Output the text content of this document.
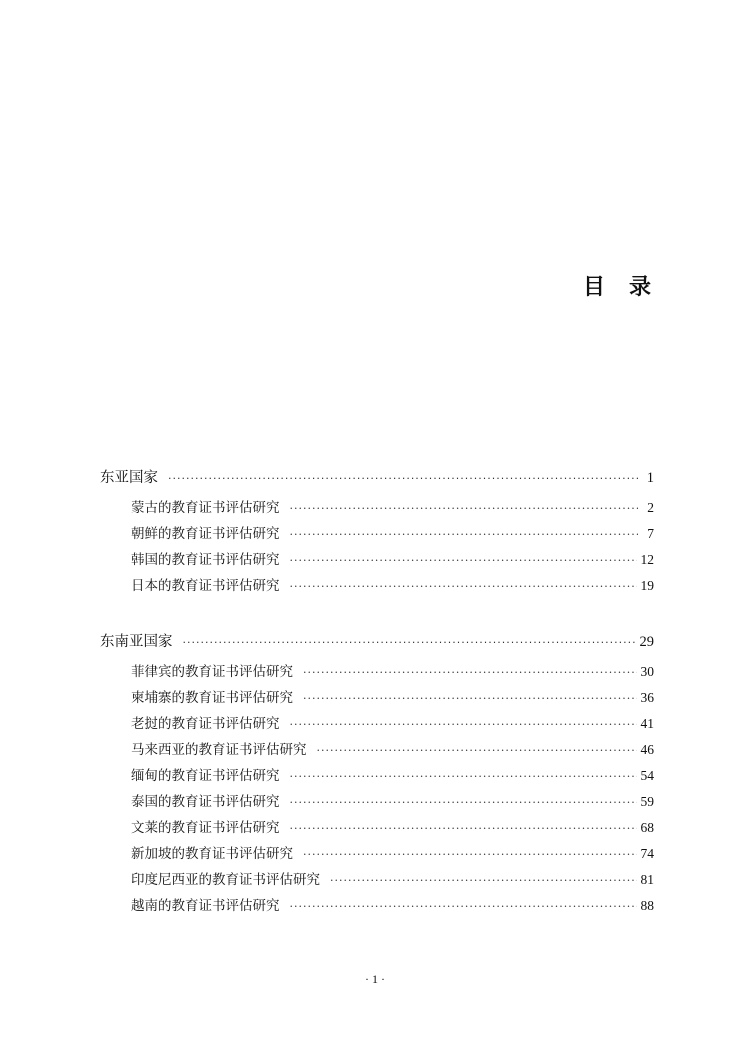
目 录
东亚国家 ·····	1
蒙古的教育证书评估研究 ·····	2
朝鲜的教育证书评估研究 ·····	7
韩国的教育证书评估研究 ·····	12
日本的教育证书评估研究 ·····	19
东南亚国家 ·····	29
菲律宾的教育证书评估研究 ·····	30
柬埔寨的教育证书评估研究 ·····	36
老挝的教育证书评估研究 ·····	41
马来西亚的教育证书评估研究 ·····	46
缅甸的教育证书评估研究 ·····	54
泰国的教育证书评估研究 ·····	59
文莱的教育证书评估研究 ·····	68
新加坡的教育证书评估研究 ·····	74
印度尼西亚的教育证书评估研究 ·····	81
越南的教育证书评估研究 ·····	88
· 1 ·
